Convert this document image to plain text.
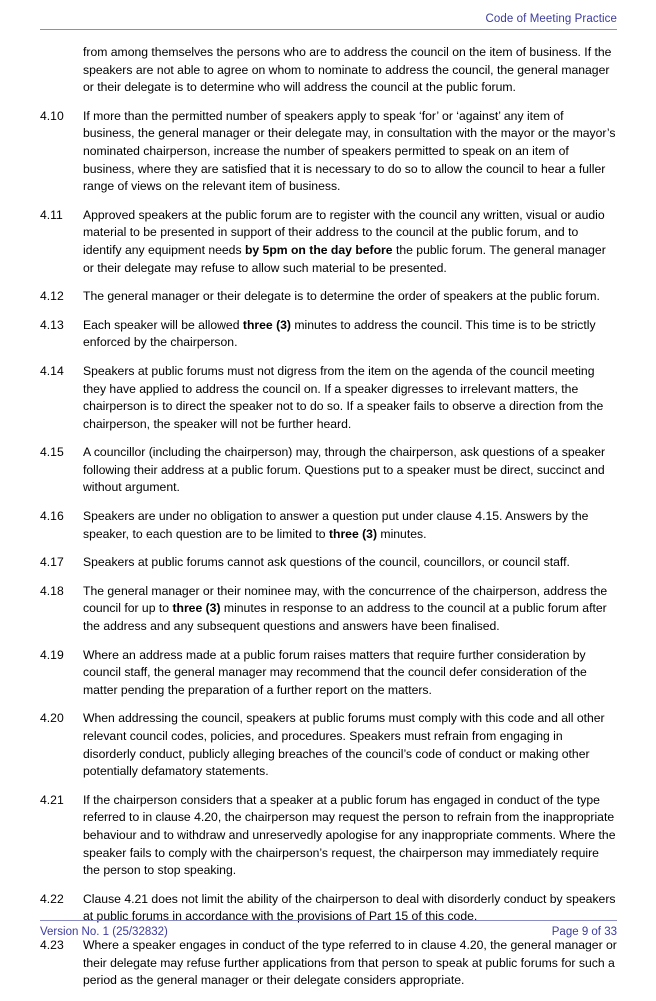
Code of Meeting Practice
from among themselves the persons who are to address the council on the item of business. If the speakers are not able to agree on whom to nominate to address the council, the general manager or their delegate is to determine who will address the council at the public forum.
4.10	If more than the permitted number of speakers apply to speak ‘for’ or ‘against’ any item of business, the general manager or their delegate may, in consultation with the mayor or the mayor’s nominated chairperson, increase the number of speakers permitted to speak on an item of business, where they are satisfied that it is necessary to do so to allow the council to hear a fuller range of views on the relevant item of business.
4.11	Approved speakers at the public forum are to register with the council any written, visual or audio material to be presented in support of their address to the council at the public forum, and to identify any equipment needs by 5pm on the day before the public forum. The general manager or their delegate may refuse to allow such material to be presented.
4.12	The general manager or their delegate is to determine the order of speakers at the public forum.
4.13	Each speaker will be allowed three (3) minutes to address the council. This time is to be strictly enforced by the chairperson.
4.14	Speakers at public forums must not digress from the item on the agenda of the council meeting they have applied to address the council on. If a speaker digresses to irrelevant matters, the chairperson is to direct the speaker not to do so. If a speaker fails to observe a direction from the chairperson, the speaker will not be further heard.
4.15	A councillor (including the chairperson) may, through the chairperson, ask questions of a speaker following their address at a public forum. Questions put to a speaker must be direct, succinct and without argument.
4.16	Speakers are under no obligation to answer a question put under clause 4.15. Answers by the speaker, to each question are to be limited to three (3) minutes.
4.17	Speakers at public forums cannot ask questions of the council, councillors, or council staff.
4.18	The general manager or their nominee may, with the concurrence of the chairperson, address the council for up to three (3) minutes in response to an address to the council at a public forum after the address and any subsequent questions and answers have been finalised.
4.19	Where an address made at a public forum raises matters that require further consideration by council staff, the general manager may recommend that the council defer consideration of the matter pending the preparation of a further report on the matters.
4.20	When addressing the council, speakers at public forums must comply with this code and all other relevant council codes, policies, and procedures. Speakers must refrain from engaging in disorderly conduct, publicly alleging breaches of the council’s code of conduct or making other potentially defamatory statements.
4.21	If the chairperson considers that a speaker at a public forum has engaged in conduct of the type referred to in clause 4.20, the chairperson may request the person to refrain from the inappropriate behaviour and to withdraw and unreservedly apologise for any inappropriate comments. Where the speaker fails to comply with the chairperson’s request, the chairperson may immediately require the person to stop speaking.
4.22	Clause 4.21 does not limit the ability of the chairperson to deal with disorderly conduct by speakers at public forums in accordance with the provisions of Part 15 of this code.
4.23	Where a speaker engages in conduct of the type referred to in clause 4.20, the general manager or their delegate may refuse further applications from that person to speak at public forums for such a period as the general manager or their delegate considers appropriate.
Version No. 1 (25/32832)	Page 9 of 33
